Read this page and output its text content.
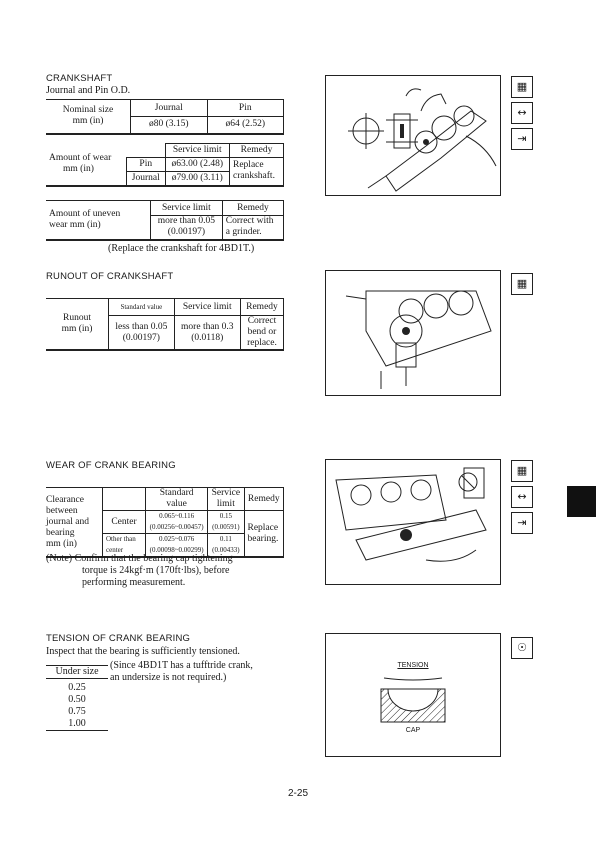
CRANKSHAFT
Journal and Pin O.D.
Nominal size
mm (in)	Journal	Pin
	ø80 (3.15)	ø64 (2.52)
Amount of wear
mm (in)		Service limit	Remedy
	Pin	ø63.00 (2.48)	Replace
crankshaft.
	Journal	ø79.00 (3.11)	
Amount of uneven
wear mm (in)	Service limit	Remedy
	more than 0.05
(0.00197)	Correct with
a grinder.
(Replace the crankshaft for 4BD1T.)
▦
↔
⇥
RUNOUT OF CRANKSHAFT
Runout
mm (in)	Standard value	Service limit	Remedy
	less than 0.05
(0.00197)	more than 0.3
(0.0118)	Correct
bend or
replace.
▦
WEAR OF CRANK BEARING
Clearance
between
journal and
bearing
mm (in)		Standard
value	Service
limit	Remedy
	Center	0.065~0.116
(0.00256~0.00457)	0.15
(0.00591)	Replace
bearing.
	Other than
center	0.025~0.076
(0.00098~0.00299)	0.11
(0.00433)	
(Note) Confirm that the bearing cap tightening
torque is 24kgf·m (170ft·lbs), before
performing measurement.
▦
↔
⇥
TENSION OF CRANK BEARING
Inspect that the bearing is sufficiently tensioned.
Under size
(Since 4BD1T has a tufftride crank,
an undersize is not required.)
0.25
0.50
0.75
1.00
TENSION
CAP
☉
2-25
